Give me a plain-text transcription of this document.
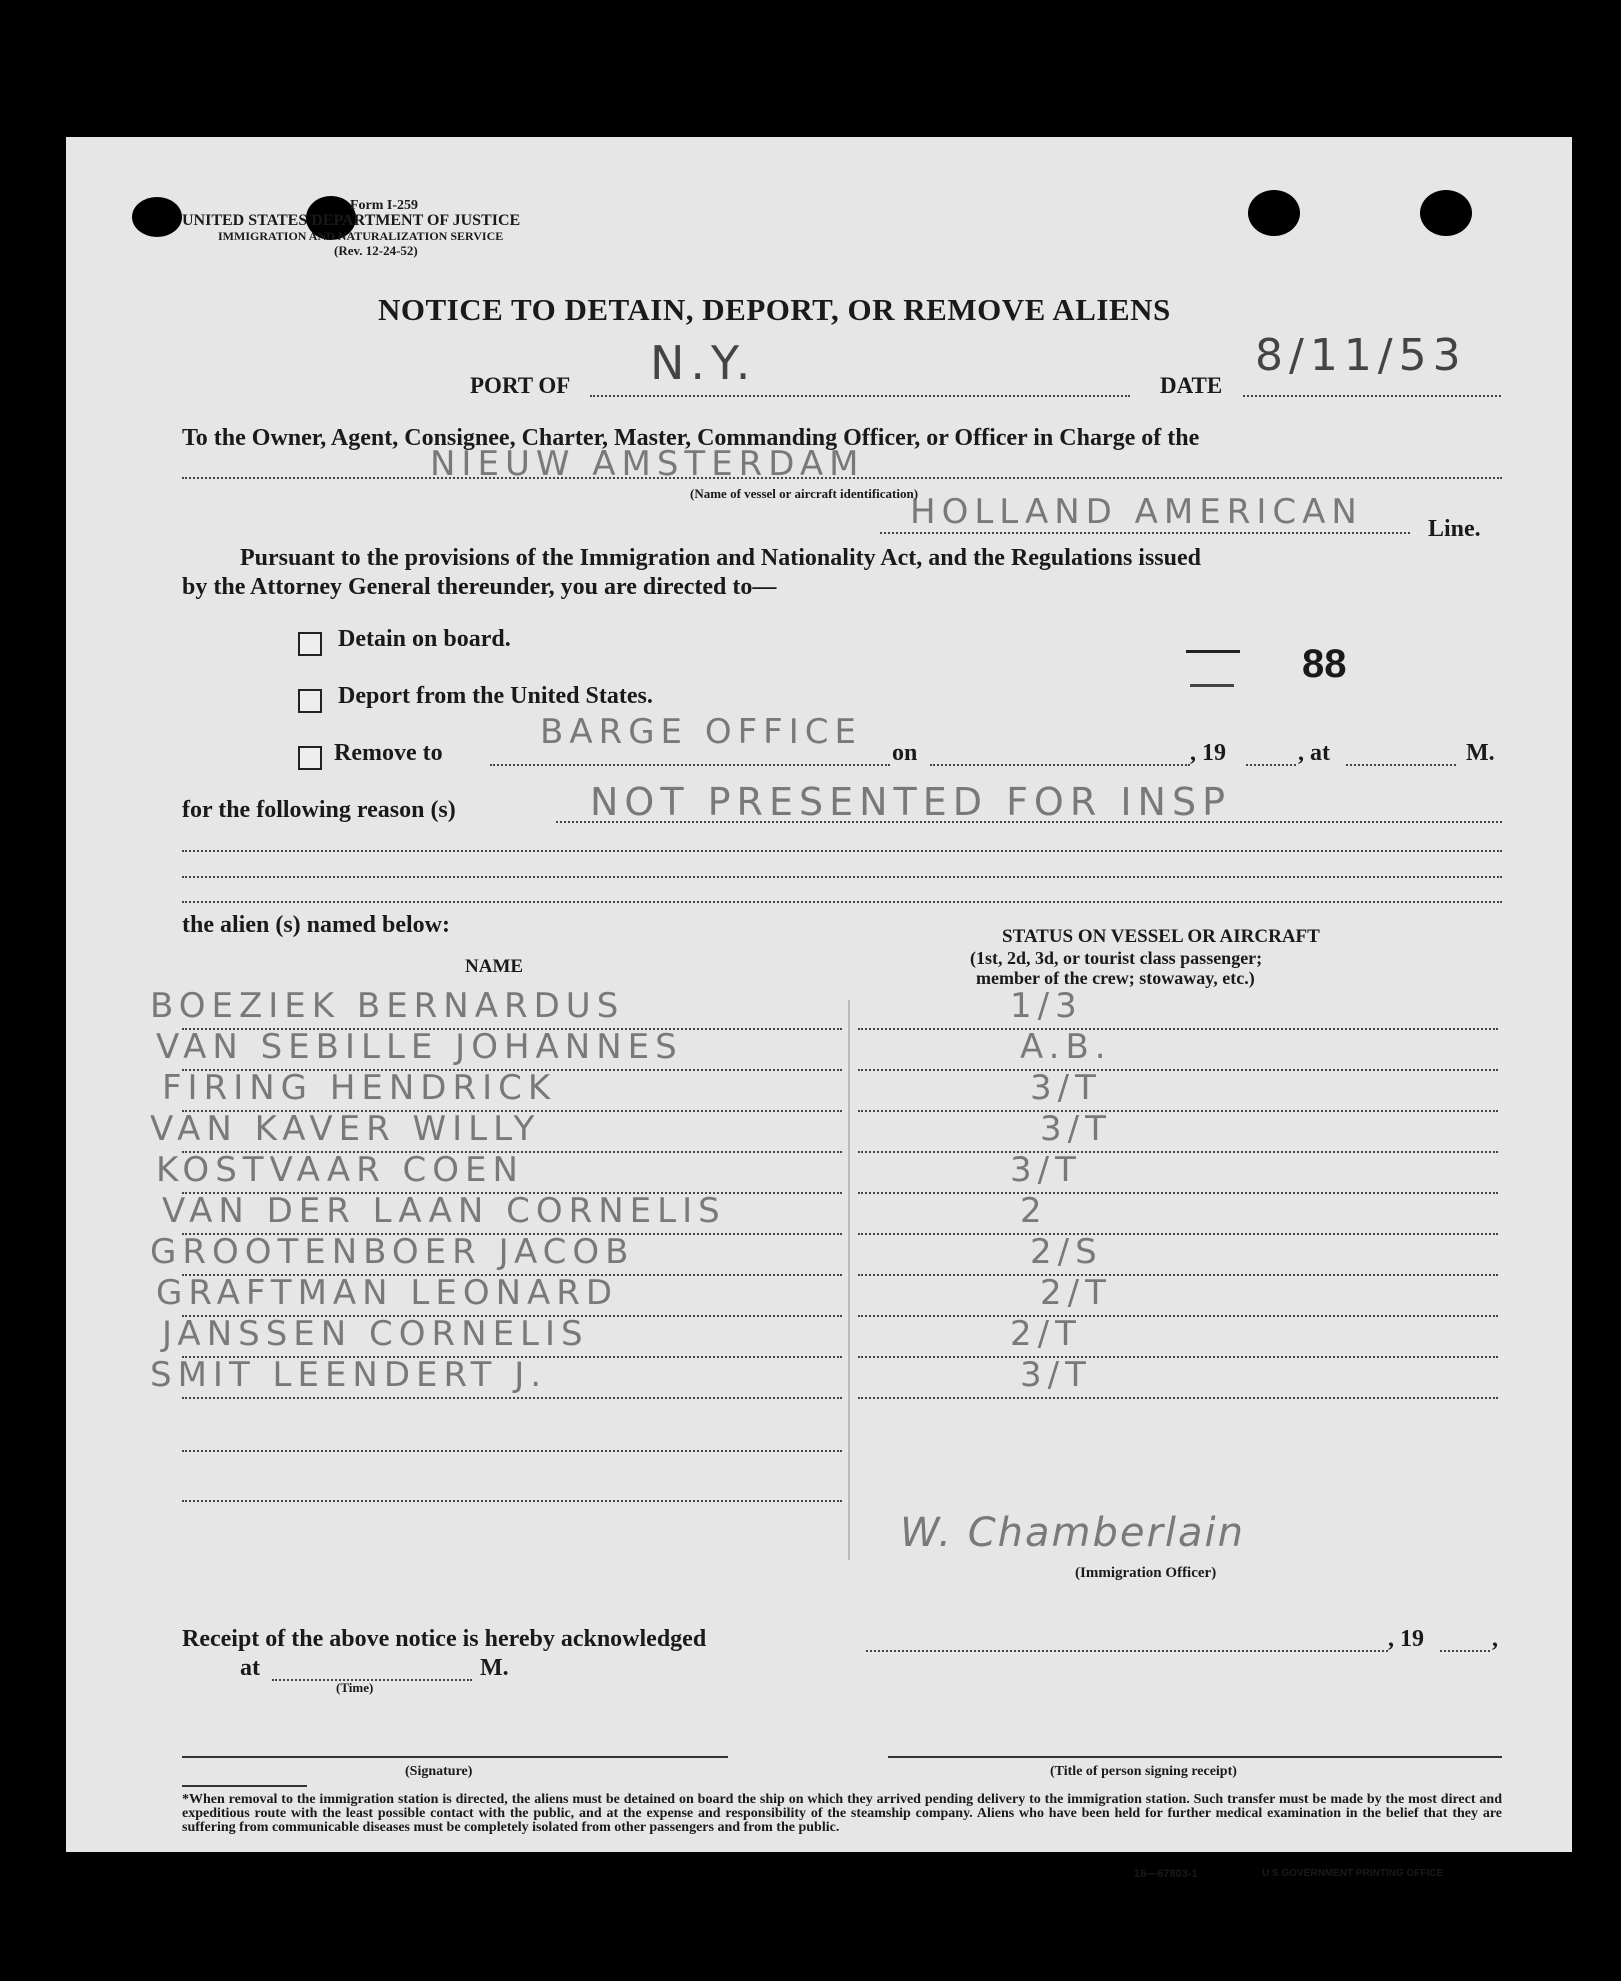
Form I-259
UNITED STATES DEPARTMENT OF JUSTICE
IMMIGRATION AND NATURALIZATION SERVICE
(Rev. 12-24-52)
NOTICE TO DETAIN, DEPORT, OR REMOVE ALIENS
PORT OF N.Y.	DATE
8/11/53
To the Owner, Agent, Consignee, Charter, Master, Commanding Officer, or Officer in Charge of the
NIEUW AMSTERDAM
(Name of vessel or aircraft identification)
HOLLAND AMERICAN	Line.
Pursuant to the provisions of the Immigration and Nationality Act, and the Regulations issued
by the Attorney General thereunder, you are directed to—
Detain on board.
Deport from the United States.
Remove to
BARGE OFFICE
on	, 19	, at	M.
88
for the following reason (s)	NOT PRESENTED FOR INSP
the alien (s) named below:
NAME
STATUS ON VESSEL OR AIRCRAFT
(1st, 2d, 3d, or tourist class passenger;
member of the crew; stowaway, etc.)
BOEZIEK BERNARDUS	1/3
VAN SEBILLE JOHANNES	A.B.
FIRING HENDRICK	3/T
VAN KAVER WILLY	3/T
KOSTVAAR COEN	3/T
VAN DER LAAN CORNELIS	2
GROOTENBOER JACOB	2/S
GRAFTMAN LEONARD	2/T
JANSSEN CORNELIS	2/T
SMIT LEENDERT J.	3/T
W. Chamberlain
(Immigration Officer)
Receipt of the above notice is hereby acknowledged	, 19	,
at	M.
(Time)
(Signature)	(Title of person signing receipt)
*When removal to the immigration station is directed, the aliens must be detained on board the ship on which they arrived pending delivery to the immigration station. Such transfer must be made by the most direct and expeditious route with the least possible contact with the public, and at the expense and responsibility of the steamship company. Aliens who have been held for further medical examination in the belief that they are suffering from communicable diseases must be completely isolated from other passengers and from the public.
16—67803-1	U S GOVERNMENT PRINTING OFFICE
